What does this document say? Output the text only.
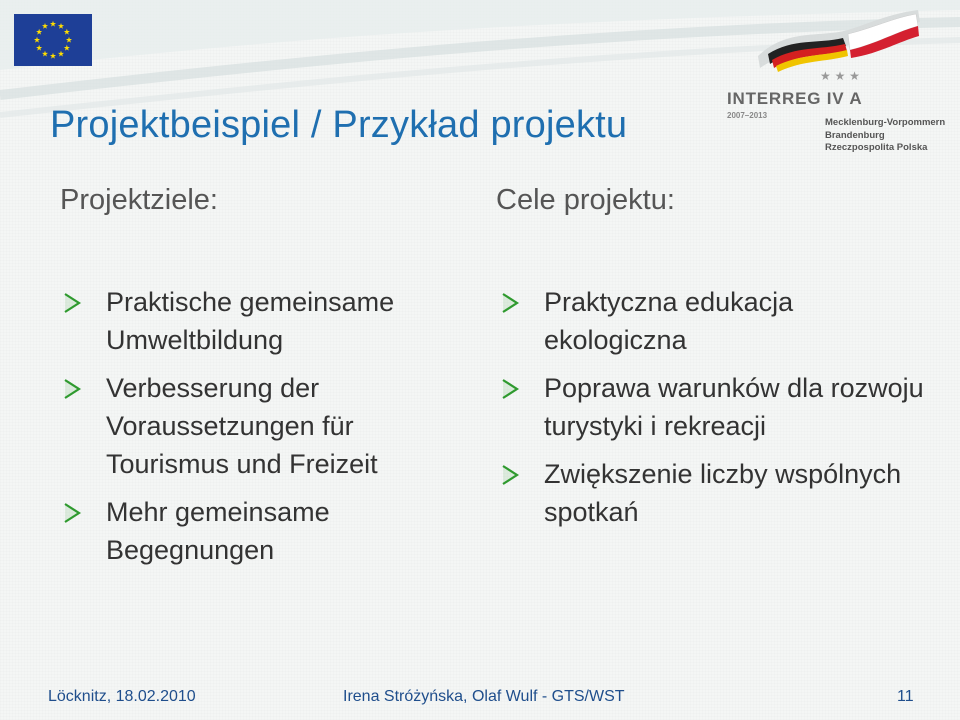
Projektbeispiel / Przykład projektu
★ ★ ★
INTERREG IV A
2007–2013
Mecklenburg-Vorpommern
Brandenburg
Rzeczpospolita Polska
Projektziele:	Cele projektu:
Praktische gemeinsame Umweltbildung
Verbesserung der Voraussetzungen für Tourismus und Freizeit
Mehr gemeinsame Begegnungen
Praktyczna edukacja ekologiczna
Poprawa warunków dla rozwoju turystyki i rekreacji
Zwiększenie liczby wspólnych spotkań
Löcknitz, 18.02.2010	Irena Stróżyńska, Olaf Wulf - GTS/WST	11
